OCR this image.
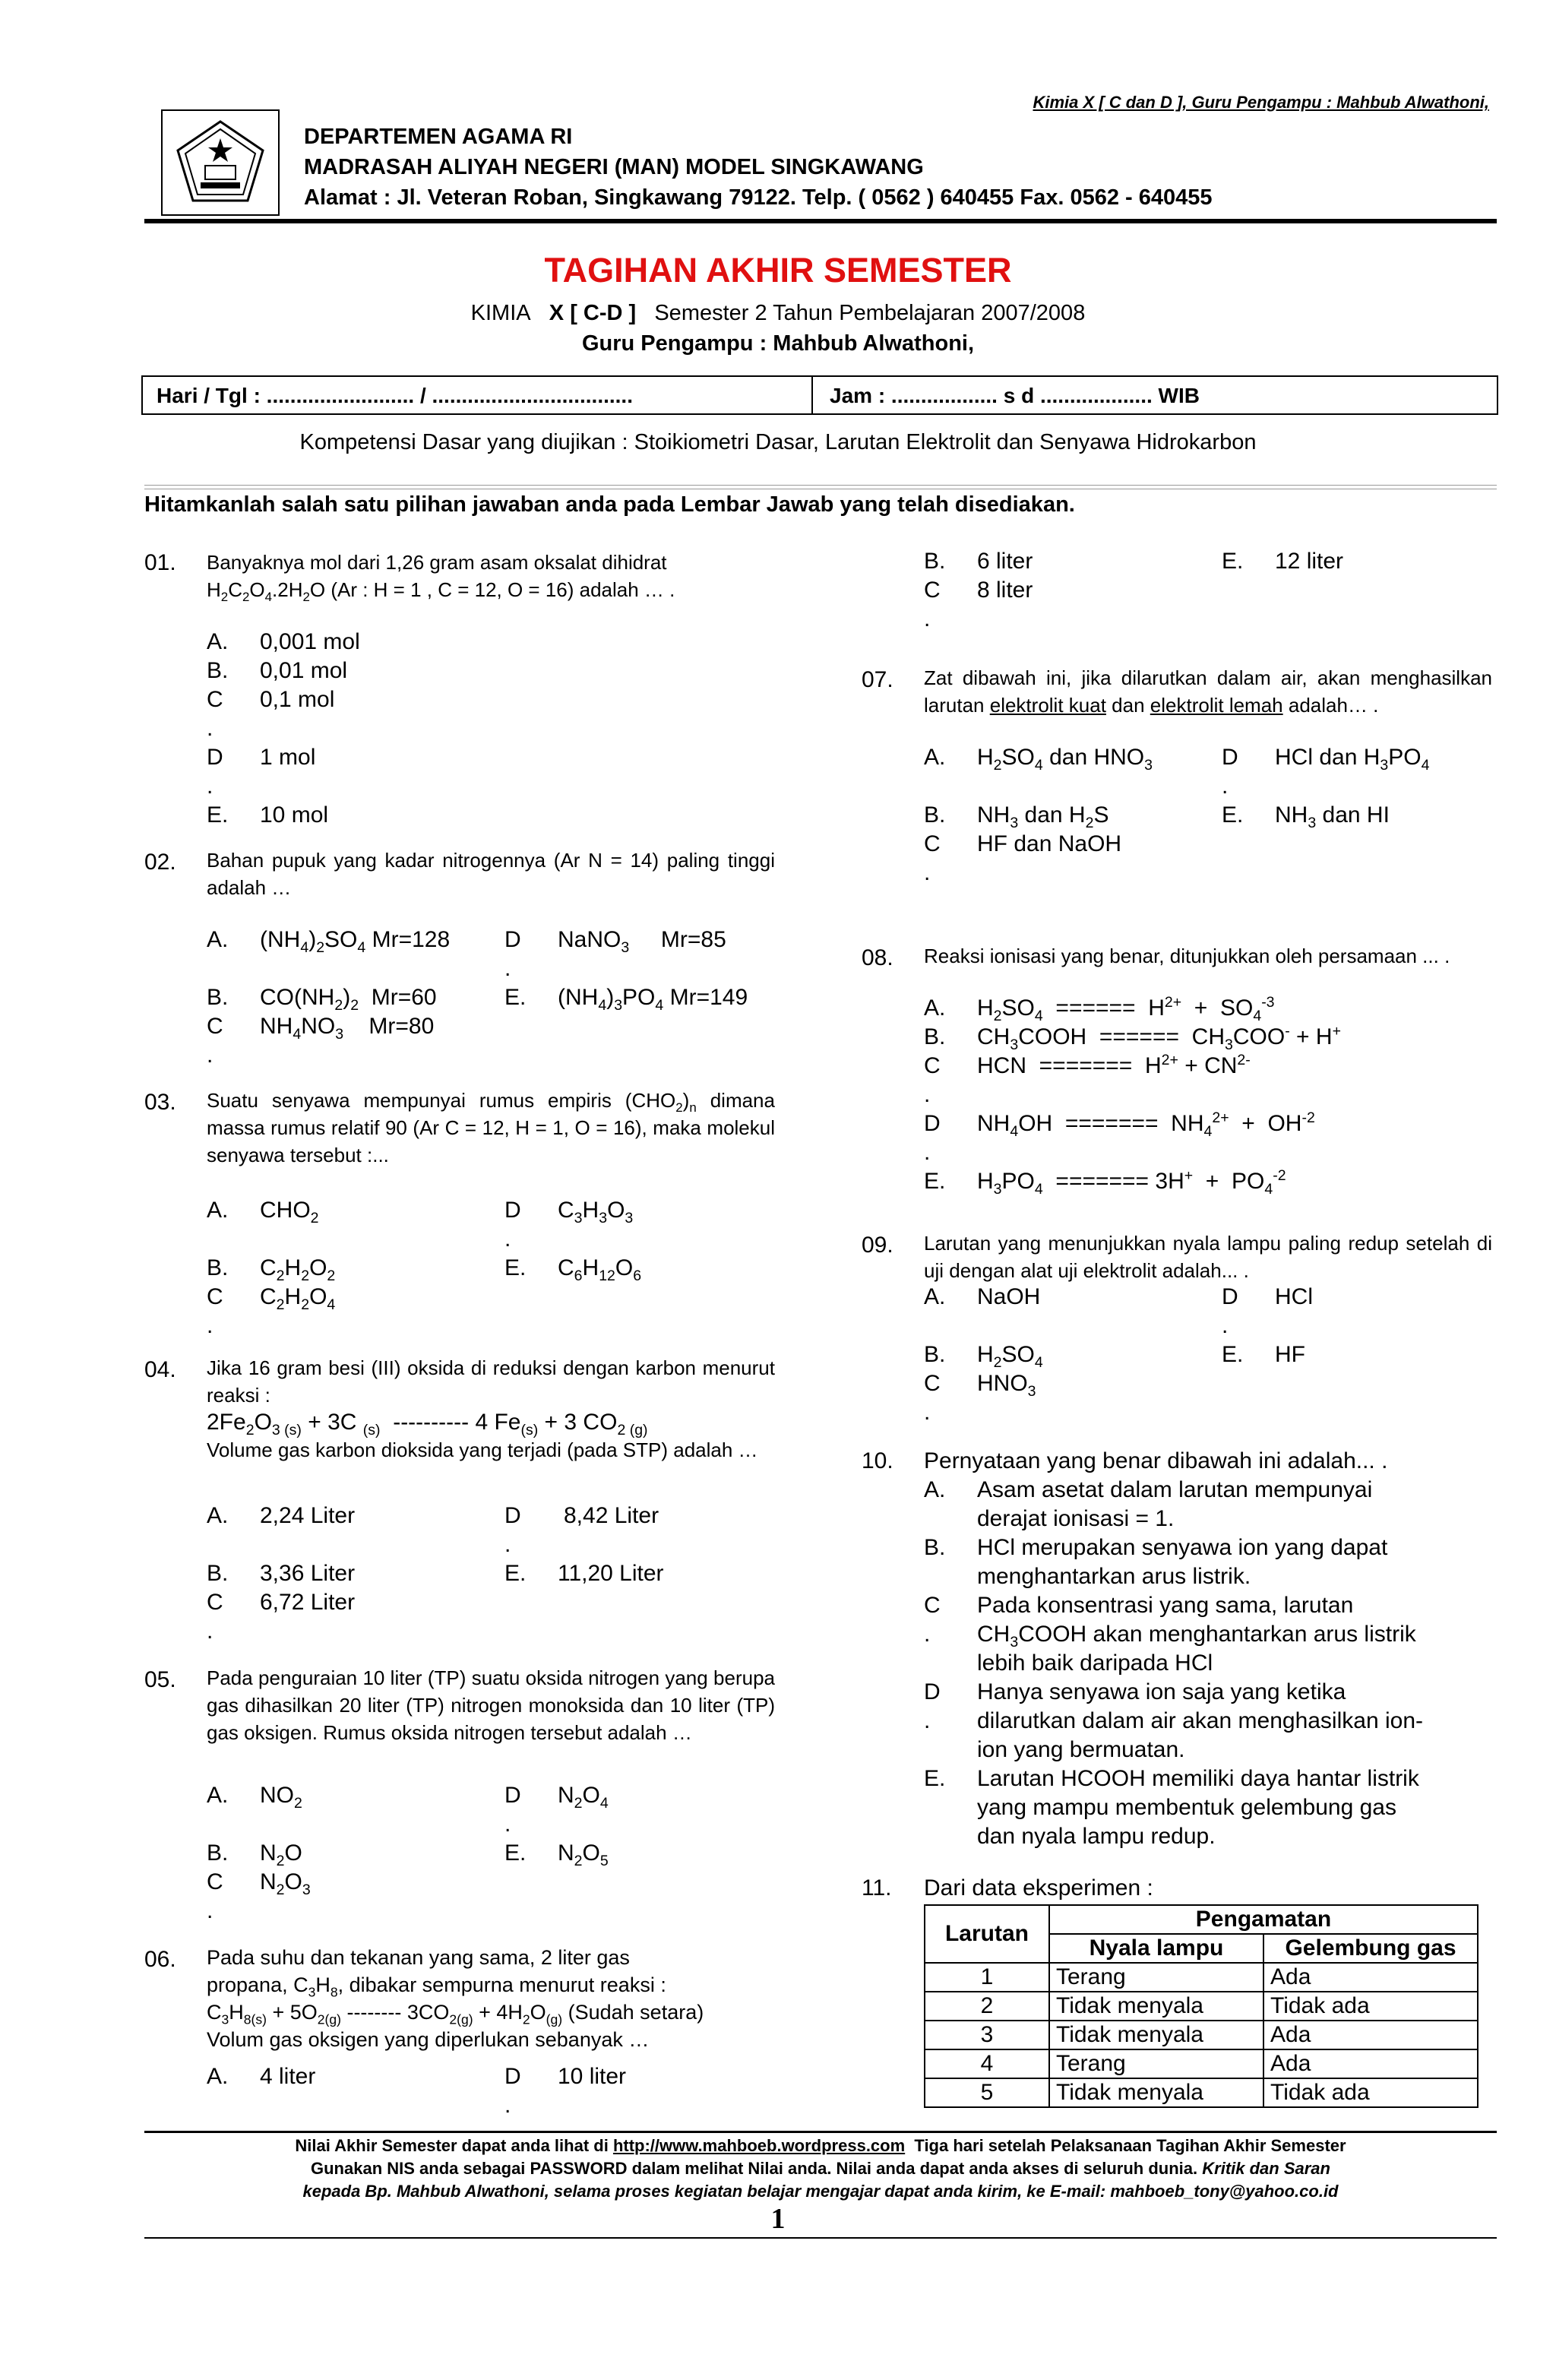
Kimia X [ C dan D ], Guru Pengampu : Mahbub Alwathoni,
DEPARTEMEN AGAMA RI
MADRASAH ALIYAH NEGERI (MAN) MODEL SINGKAWANG
Alamat : Jl. Veteran Roban, Singkawang 79122. Telp. ( 0562 ) 640455 Fax. 0562 - 640455
TAGIHAN AKHIR SEMESTER
KIMIA X [ C-D ] Semester 2 Tahun Pembelajaran 2007/2008
Guru Pengampu : Mahbub Alwathoni,
Hari / Tgl : ......................... / ..................................	Jam : .................. s d ................... WIB
Kompetensi Dasar yang diujikan : Stoikiometri Dasar, Larutan Elektrolit dan Senyawa Hidrokarbon
Hitamkanlah salah satu pilihan jawaban anda pada Lembar Jawab yang telah disediakan.
01. Banyaknya mol dari 1,26 gram asam oksalat dihidrat
$H_2C_2O_4.2H_2O$ (Ar : H = 1 , C = 12, O = 16) adalah … .
A. 0,001 mol
B. 0,01 mol
C 0,1 mol
.
D 1 mol
.
E. 10 mol
02. Bahan pupuk yang kadar nitrogennya (Ar N = 14) paling tinggi adalah …
A. $(NH_4)_2SO_4$ Mr=128 D NaNO$_3$     Mr=85
.
B. $CO(NH_2)_2$  Mr=60	E. $(NH_4)_3PO_4$ Mr=149
C $NH_4NO_3$    Mr=80
.
03. Suatu senyawa mempunyai rumus empiris $(CHO_2)_n$ dimana massa rumus relatif 90 (Ar C = 12, H = 1, O = 16), maka molekul senyawa tersebut :...
A. $CHO_2$	D $C_3H_3O_3$
.
B. $C_2H_2O_2$	E. $C_6H_{12}O_6$
C $C_2H_2O_4$
.
04. Jika 16 gram besi (III) oksida di reduksi dengan karbon menurut reaksi :
$2Fe_2O_{3 (s)} + 3C$ $_{(s)}$  ---------- 4 $Fe_{(s)} + 3$ $CO_{2 (g)}$
Volume gas karbon dioksida yang terjadi (pada STP) adalah …
A. 2,24 Liter	D 8,42 Liter
.
B. 3,36 Liter	E. 11,20 Liter
C 6,72 Liter
.
05. Pada penguraian 10 liter (TP) suatu oksida nitrogen yang berupa gas dihasilkan 20 liter (TP) nitrogen monoksida dan 10 liter (TP) gas oksigen. Rumus oksida nitrogen tersebut adalah …
A. $NO_2$	D $N_2O_4$
.
B. $N_2O$	E. $N_2O_5$
C $N_2O_3$
.
06. Pada suhu dan tekanan yang sama, 2 liter gas
propana, $C_3H_8$, dibakar sempurna menurut reaksi :
$C_3H_{8(s)} + 5O_{2(g)}$ -------- $3CO_{2(g)} + 4H_2O_{(g)}$ (Sudah setara)
Volum gas oksigen yang diperlukan sebanyak …
A. 4 liter	D 10 liter
.
B. 6 liter	E. 12 liter
C 8 liter
.
07. Zat dibawah ini, jika dilarutkan dalam air, akan menghasilkan larutan elektrolit kuat dan elektrolit lemah adalah… .
A. $H_2SO_4$ dan $HNO_3$	D HCl dan $H_3PO_4$
.
B. $NH_3$ dan $H_2S$	E. $NH_3$ dan HI
C HF dan NaOH
.
08. Reaksi ionisasi yang benar, ditunjukkan oleh persamaan ... .
A. $H_2SO_4$  ======  $H^{2+} + SO_4^{-3}$
B. $CH_3COOH$  ======  $CH_3COO^- + H^+$
C HCN  =======  $H^{2+} + CN^{2-}$
.
D $NH_4OH$  =======  $NH_4^{2+} + OH^{-2}$
.
E. $H_3PO_4$  ======= $3H^+ + PO_4^{-2}$
09. Larutan yang menunjukkan nyala lampu paling redup setelah di uji dengan alat uji elektrolit adalah... .
A. NaOH	D HCl
.
B. $H_2SO_4$	E. HF
C $HNO_3$
.
10. Pernyataan yang benar dibawah ini adalah... .
A. Asam asetat dalam larutan mempunyai
derajat ionisasi = 1.
B. HCl merupakan senyawa ion yang dapat
menghantarkan arus listrik.
C Pada konsentrasi yang sama, larutan
. $CH_3COOH$ akan menghantarkan arus listrik
lebih baik daripada HCl
D Hanya senyawa ion saja yang ketika
. dilarutkan dalam air akan menghasilkan ion-
ion yang bermuatan.
E. Larutan HCOOH memiliki daya hantar listrik
yang mampu membentuk gelembung gas
dan nyala lampu redup.
11. Dari data eksperimen :
Larutan	Pengamatan	
	Nyala lampu	Gelembung gas
1	Terang	Ada
2	Tidak menyala	Tidak ada
3	Tidak menyala	Ada
4	Terang	Ada
5	Tidak menyala	Tidak ada
Nilai Akhir Semester dapat anda lihat di http://www.mahboeb.wordpress.com Tiga hari setelah Pelaksanaan Tagihan Akhir Semester
Gunakan NIS anda sebagai PASSWORD dalam melihat Nilai anda. Nilai anda dapat anda akses di seluruh dunia. Kritik dan Saran
kepada Bp. Mahbub Alwathoni, selama proses kegiatan belajar mengajar dapat anda kirim, ke E-mail: mahboeb_tony@yahoo.co.id
1
